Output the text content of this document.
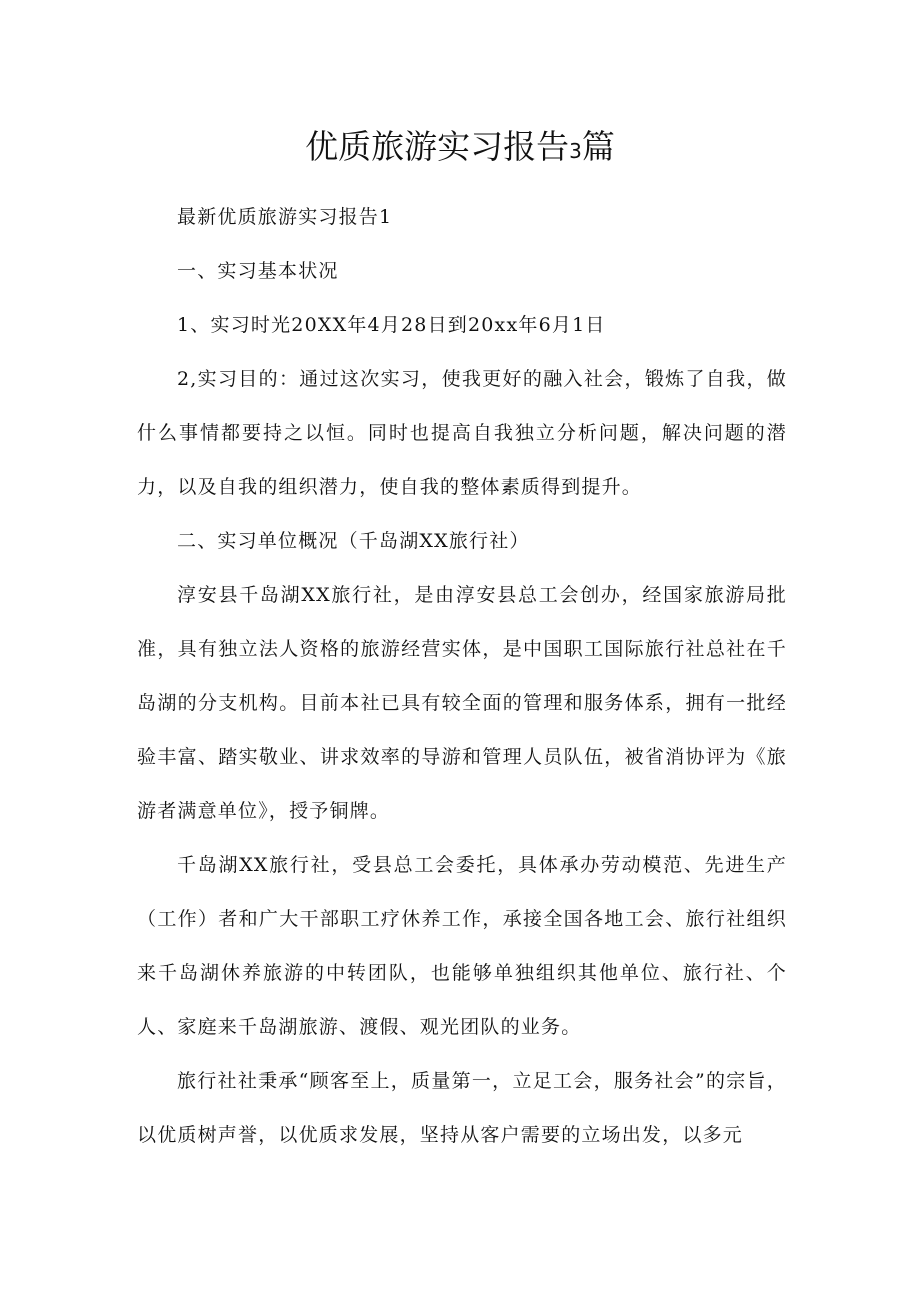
优质旅游实习报告3篇

最新优质旅游实习报告1

一、实习基本状况

1、实习时光20XX年4月28日到20xx年6月1日

2,实习目的：通过这次实习，使我更好的融入社会，锻炼了自我，做什么事情都要持之以恒。同时也提高自我独立分析问题，解决问题的潜力，以及自我的组织潜力，使自我的整体素质得到提升。

二、实习单位概况（千岛湖XX旅行社）

淳安县千岛湖XX旅行社，是由淳安县总工会创办，经国家旅游局批准，具有独立法人资格的旅游经营实体，是中国职工国际旅行社总社在千岛湖的分支机构。目前本社已具有较全面的管理和服务体系，拥有一批经验丰富、踏实敬业、讲求效率的导游和管理人员队伍，被省消协评为《旅游者满意单位》，授予铜牌。

千岛湖XX旅行社，受县总工会委托，具体承办劳动模范、先进生产（工作）者和广大干部职工疗休养工作，承接全国各地工会、旅行社组织来千岛湖休养旅游的中转团队，也能够单独组织其他单位、旅行社、个人、家庭来千岛湖旅游、渡假、观光团队的业务。

旅行社社秉承“顾客至上，质量第一，立足工会，服务社会”的宗旨，以优质树声誉，以优质求发展，坚持从客户需要的立场出发，以多元
